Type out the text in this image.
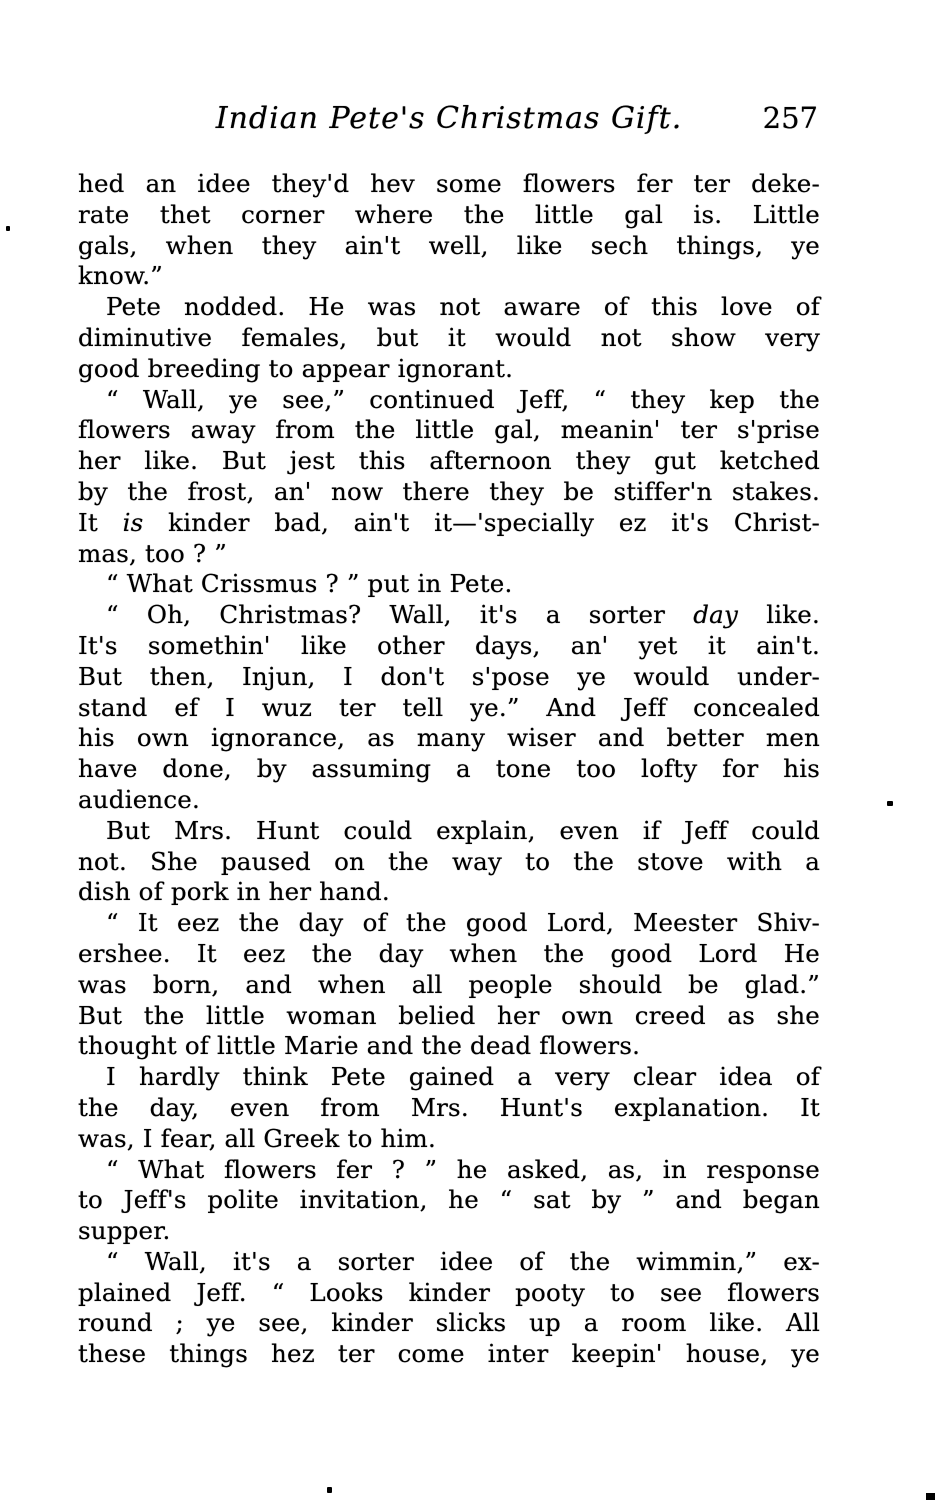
Indian Pete's Christmas Gift.	257
hed an idee they'd hev some flowers fer ter deke-
rate thet corner where the little gal is. Little
gals, when they ain't well, like sech things, ye
know.”
Pete nodded. He was not aware of this love of
diminutive females, but it would not show very
good breeding to appear ignorant.
“ Wall, ye see,” continued Jeff, “ they kep the
flowers away from the little gal, meanin' ter s'prise
her like. But jest this afternoon they gut ketched
by the frost, an' now there they be stiffer'n stakes.
It is kinder bad, ain't it—'specially ez it's Christ-
mas, too ? ”
“ What Crissmus ? ” put in Pete.
“ Oh, Christmas? Wall, it's a sorter day like.
It's somethin' like other days, an' yet it ain't.
But then, Injun, I don't s'pose ye would under-
stand ef I wuz ter tell ye.” And Jeff concealed
his own ignorance, as many wiser and better men
have done, by assuming a tone too lofty for his
audience.
But Mrs. Hunt could explain, even if Jeff could
not. She paused on the way to the stove with a
dish of pork in her hand.
“ It eez the day of the good Lord, Meester Shiv-
ershee. It eez the day when the good Lord He
was born, and when all people should be glad.”
But the little woman belied her own creed as she
thought of little Marie and the dead flowers.
I hardly think Pete gained a very clear idea of
the day, even from Mrs. Hunt's explanation. It
was, I fear, all Greek to him.
“ What flowers fer ? ” he asked, as, in response
to Jeff's polite invitation, he “ sat by ” and began
supper.
“ Wall, it's a sorter idee of the wimmin,” ex-
plained Jeff. “ Looks kinder pooty to see flowers
round ; ye see, kinder slicks up a room like. All
these things hez ter come inter keepin' house, ye
